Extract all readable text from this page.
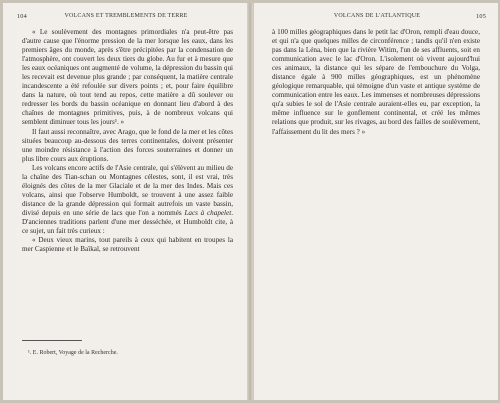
104	VOLCANS ET TREMBLEMENTS DE TERRE

« Le soulèvement des montagnes primordiales n'a peut-être pas d'autre cause que l'énorme pression de la mer lorsque les eaux, dans les premiers âges du monde, après s'être précipitées par la condensation de l'atmosphère, ont couvert les deux tiers du globe. Au fur et à mesure que les eaux océaniques ont augmenté de volume, la dépression du bassin qui les recevait est devenue plus grande ; par conséquent, la matière centrale incandescente a été refoulée sur divers points ; et, pour faire équilibre dans la nature, où tout tend au repos, cette matière a dû soulever ou redresser les bords du bassin océanique en donnant lieu d'abord à des chaînes de montagnes primitives, puis, à de nombreux volcans qui semblent diminuer tous les jours¹. »

Il faut aussi reconnaître, avec Arago, que le fond de la mer et les côtes situées beaucoup au-dessous des terres continentales, doivent présenter une moindre résistance à l'action des forces souterraines et donner un plus libre cours aux éruptions.

Les volcans encore actifs de l'Asie centrale, qui s'élèvent au milieu de la chaîne des Tian-schan ou Montagnes célestes, sont, il est vrai, très éloignés des côtes de la mer Glaciale et de la mer des Indes. Mais ces volcans, ainsi que l'observe Humboldt, se trouvent à une assez faible distance de la grande dépression qui formait autrefois un vaste bassin, divisé depuis en une série de lacs que l'on a nommés Lacs à chapelet. D'anciennes traditions parlent d'une mer desséchée, et Humboldt cite, à ce sujet, un fait très curieux :

« Deux vieux marins, tout pareils à ceux qui habitent en troupes la mer Caspienne et le Baïkal, se retrouvent

¹. E. Robert, Voyage de la Recherche.
VOLCANS DE L'ATLANTIQUE	105

à 100 milles géographiques dans le petit lac d'Oron, rempli d'eau douce, et qui n'a que quelques milles de circonférence ; tandis qu'il n'en existe pas dans la Léna, bien que la rivière Witim, l'un de ses affluents, soit en communication avec le lac d'Oron. L'isolement où vivent aujourd'hui ces animaux, la distance qui les sépare de l'embouchure du Volga, distance égale à 900 milles géographiques, est un phénomène géologique remarquable, qui témoigne d'un vaste et antique système de communication entre les eaux. Les immenses et nombreuses dépressions qu'a subies le sol de l'Asie centrale auraient-elles eu, par exception, la même influence sur le gonflement continental, et créé les mêmes relations que produit, sur les rivages, au bord des failles de soulèvement, l'affaissement du lit des mers ? »
